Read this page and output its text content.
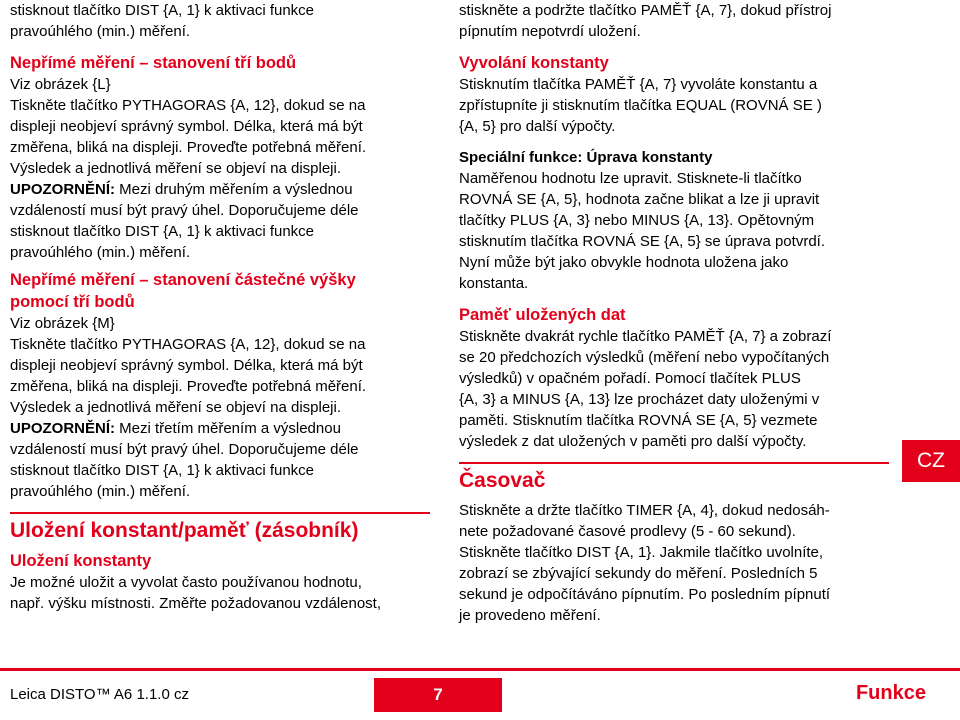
stisknout tlačítko DIST {A, 1} k aktivaci funkce

pravoúhlého (min.) měření.

Nepřímé měření – stanovení tří bodů

Viz obrázek {L}

Tiskněte tlačítko PYTHAGORAS {A, 12}, dokud se na

displeji neobjeví správný symbol. Délka, která má být

změřena, bliká na displeji. Proveďte potřebná měření.

Výsledek a jednotlivá měření se objeví na displeji.

UPOZORNĚNÍ: Mezi druhým měřením a výslednou

vzdáleností musí být pravý úhel. Doporučujeme déle

stisknout tlačítko DIST {A, 1} k aktivaci funkce

pravoúhlého (min.) měření.

Nepřímé měření – stanovení částečné výšky

pomocí tří bodů

Viz obrázek {M}

Tiskněte tlačítko PYTHAGORAS {A, 12}, dokud se na

displeji neobjeví správný symbol. Délka, která má být

změřena, bliká na displeji. Proveďte potřebná měření.

Výsledek a jednotlivá měření se objeví na displeji.

UPOZORNĚNÍ: Mezi třetím měřením a výslednou

vzdáleností musí být pravý úhel. Doporučujeme déle

stisknout tlačítko DIST {A, 1} k aktivaci funkce

pravoúhlého (min.) měření.

Uložení konstant/paměť (zásobník)

Uložení konstanty

Je možné uložit a vyvolat často používanou hodnotu,

např. výšku místnosti. Změřte požadovanou vzdálenost,

stiskněte a podržte tlačítko PAMĚŤ {A, 7}, dokud přístroj

pípnutím nepotvrdí uložení.

Vyvolání konstanty

Stisknutím tlačítka PAMĚŤ {A, 7} vyvoláte konstantu a

zpřístupníte ji stisknutím tlačítka EQUAL (ROVNÁ SE )

{A, 5} pro další výpočty.

Speciální funkce: Úprava konstanty

Naměřenou hodnotu lze upravit. Stisknete-li tlačítko

ROVNÁ SE {A, 5}, hodnota začne blikat a lze ji upravit

tlačítky PLUS {A, 3} nebo MINUS {A, 13}. Opětovným

stisknutím tlačítka ROVNÁ SE {A, 5} se úprava potvrdí.

Nyní může být jako obvykle hodnota uložena jako

konstanta.

Paměť uložených dat

Stiskněte dvakrát rychle tlačítko PAMĚŤ {A, 7} a zobrazí

se 20 předchozích výsledků (měření nebo vypočítaných

výsledků) v opačném pořadí. Pomocí tlačítek PLUS

{A, 3} a MINUS {A, 13} lze procházet daty uloženými v

paměti. Stisknutím tlačítka ROVNÁ SE {A, 5} vezmete

výsledek z dat uložených v paměti pro další výpočty.

Časovač

Stiskněte a držte tlačítko TIMER {A, 4}, dokud nedosáh-

nete požadované časové prodlevy (5 - 60 sekund).

Stiskněte tlačítko DIST {A, 1}. Jakmile tlačítko uvolníte,

zobrazí se zbývající sekundy do měření. Posledních 5

sekund je odpočítáváno pípnutím. Po posledním pípnutí

je provedeno měření.

CZ
Leica DISTO™ A6 1.1.0 cz	7	Funkce
